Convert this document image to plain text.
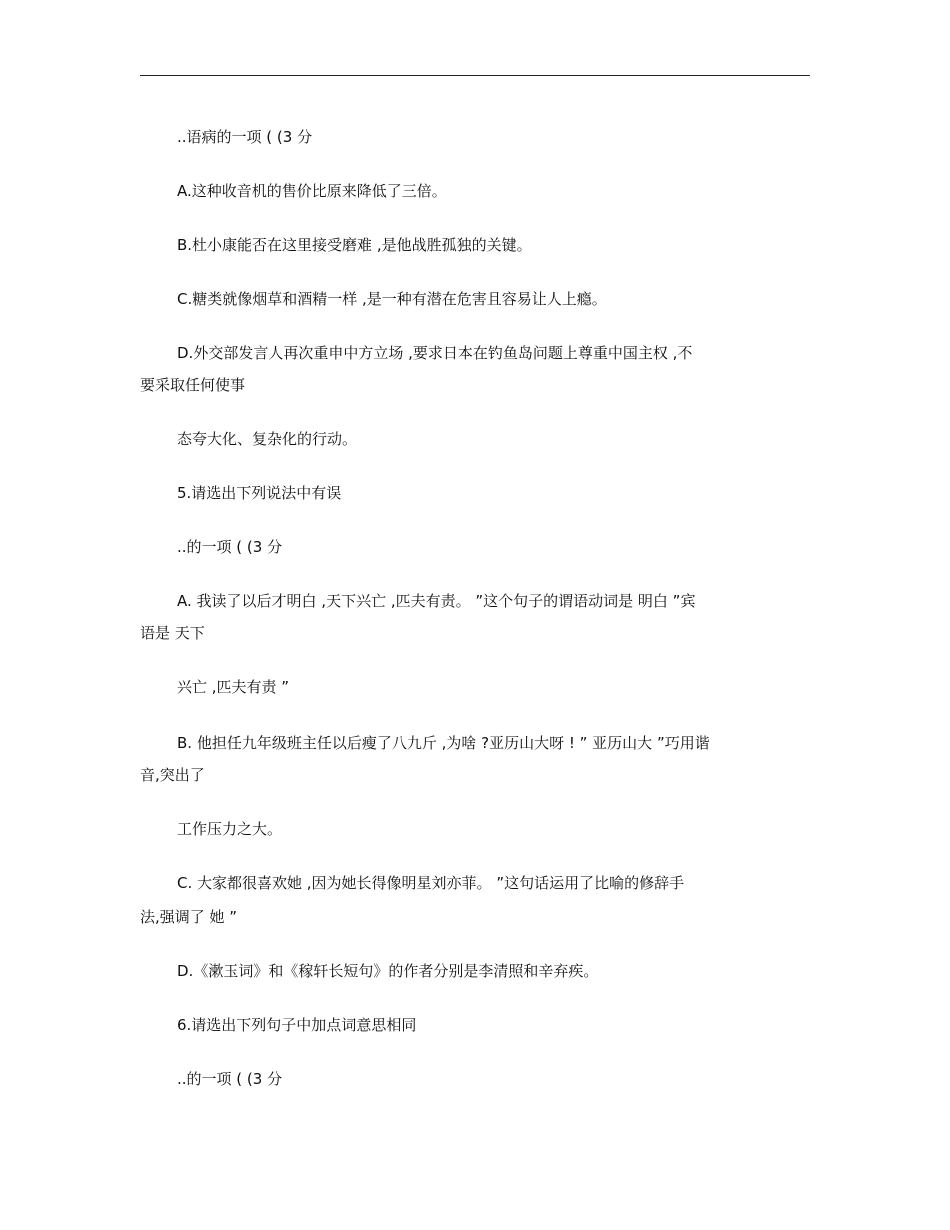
..语病的一项 ( (3 分
A.这种收音机的售价比原来降低了三倍。
B.杜小康能否在这里接受磨难 ,是他战胜孤独的关键。
C.糖类就像烟草和酒精一样 ,是一种有潜在危害且容易让人上瘾。
D.外交部发言人再次重申中方立场 ,要求日本在钓鱼岛问题上尊重中国主权 ,不
要采取任何使事
态夸大化、复杂化的行动。
5.请选出下列说法中有误
..的一项 ( (3 分
A. 我读了以后才明白 ,天下兴亡 ,匹夫有责。 ”这个句子的谓语动词是 明白 ”宾
语是 天下
兴亡 ,匹夫有责 ”
B. 他担任九年级班主任以后瘦了八九斤 ,为啥 ?亚历山大呀 ! ” 亚历山大 ”巧用谐
音,突出了
工作压力之大。
C. 大家都很喜欢她 ,因为她长得像明星刘亦菲。 ”这句话运用了比喻的修辞手
法,强调了 她 ”
D.《漱玉词》和《稼轩长短句》的作者分别是李清照和辛弃疾。
6.请选出下列句子中加点词意思相同
..的一项 ( (3 分
